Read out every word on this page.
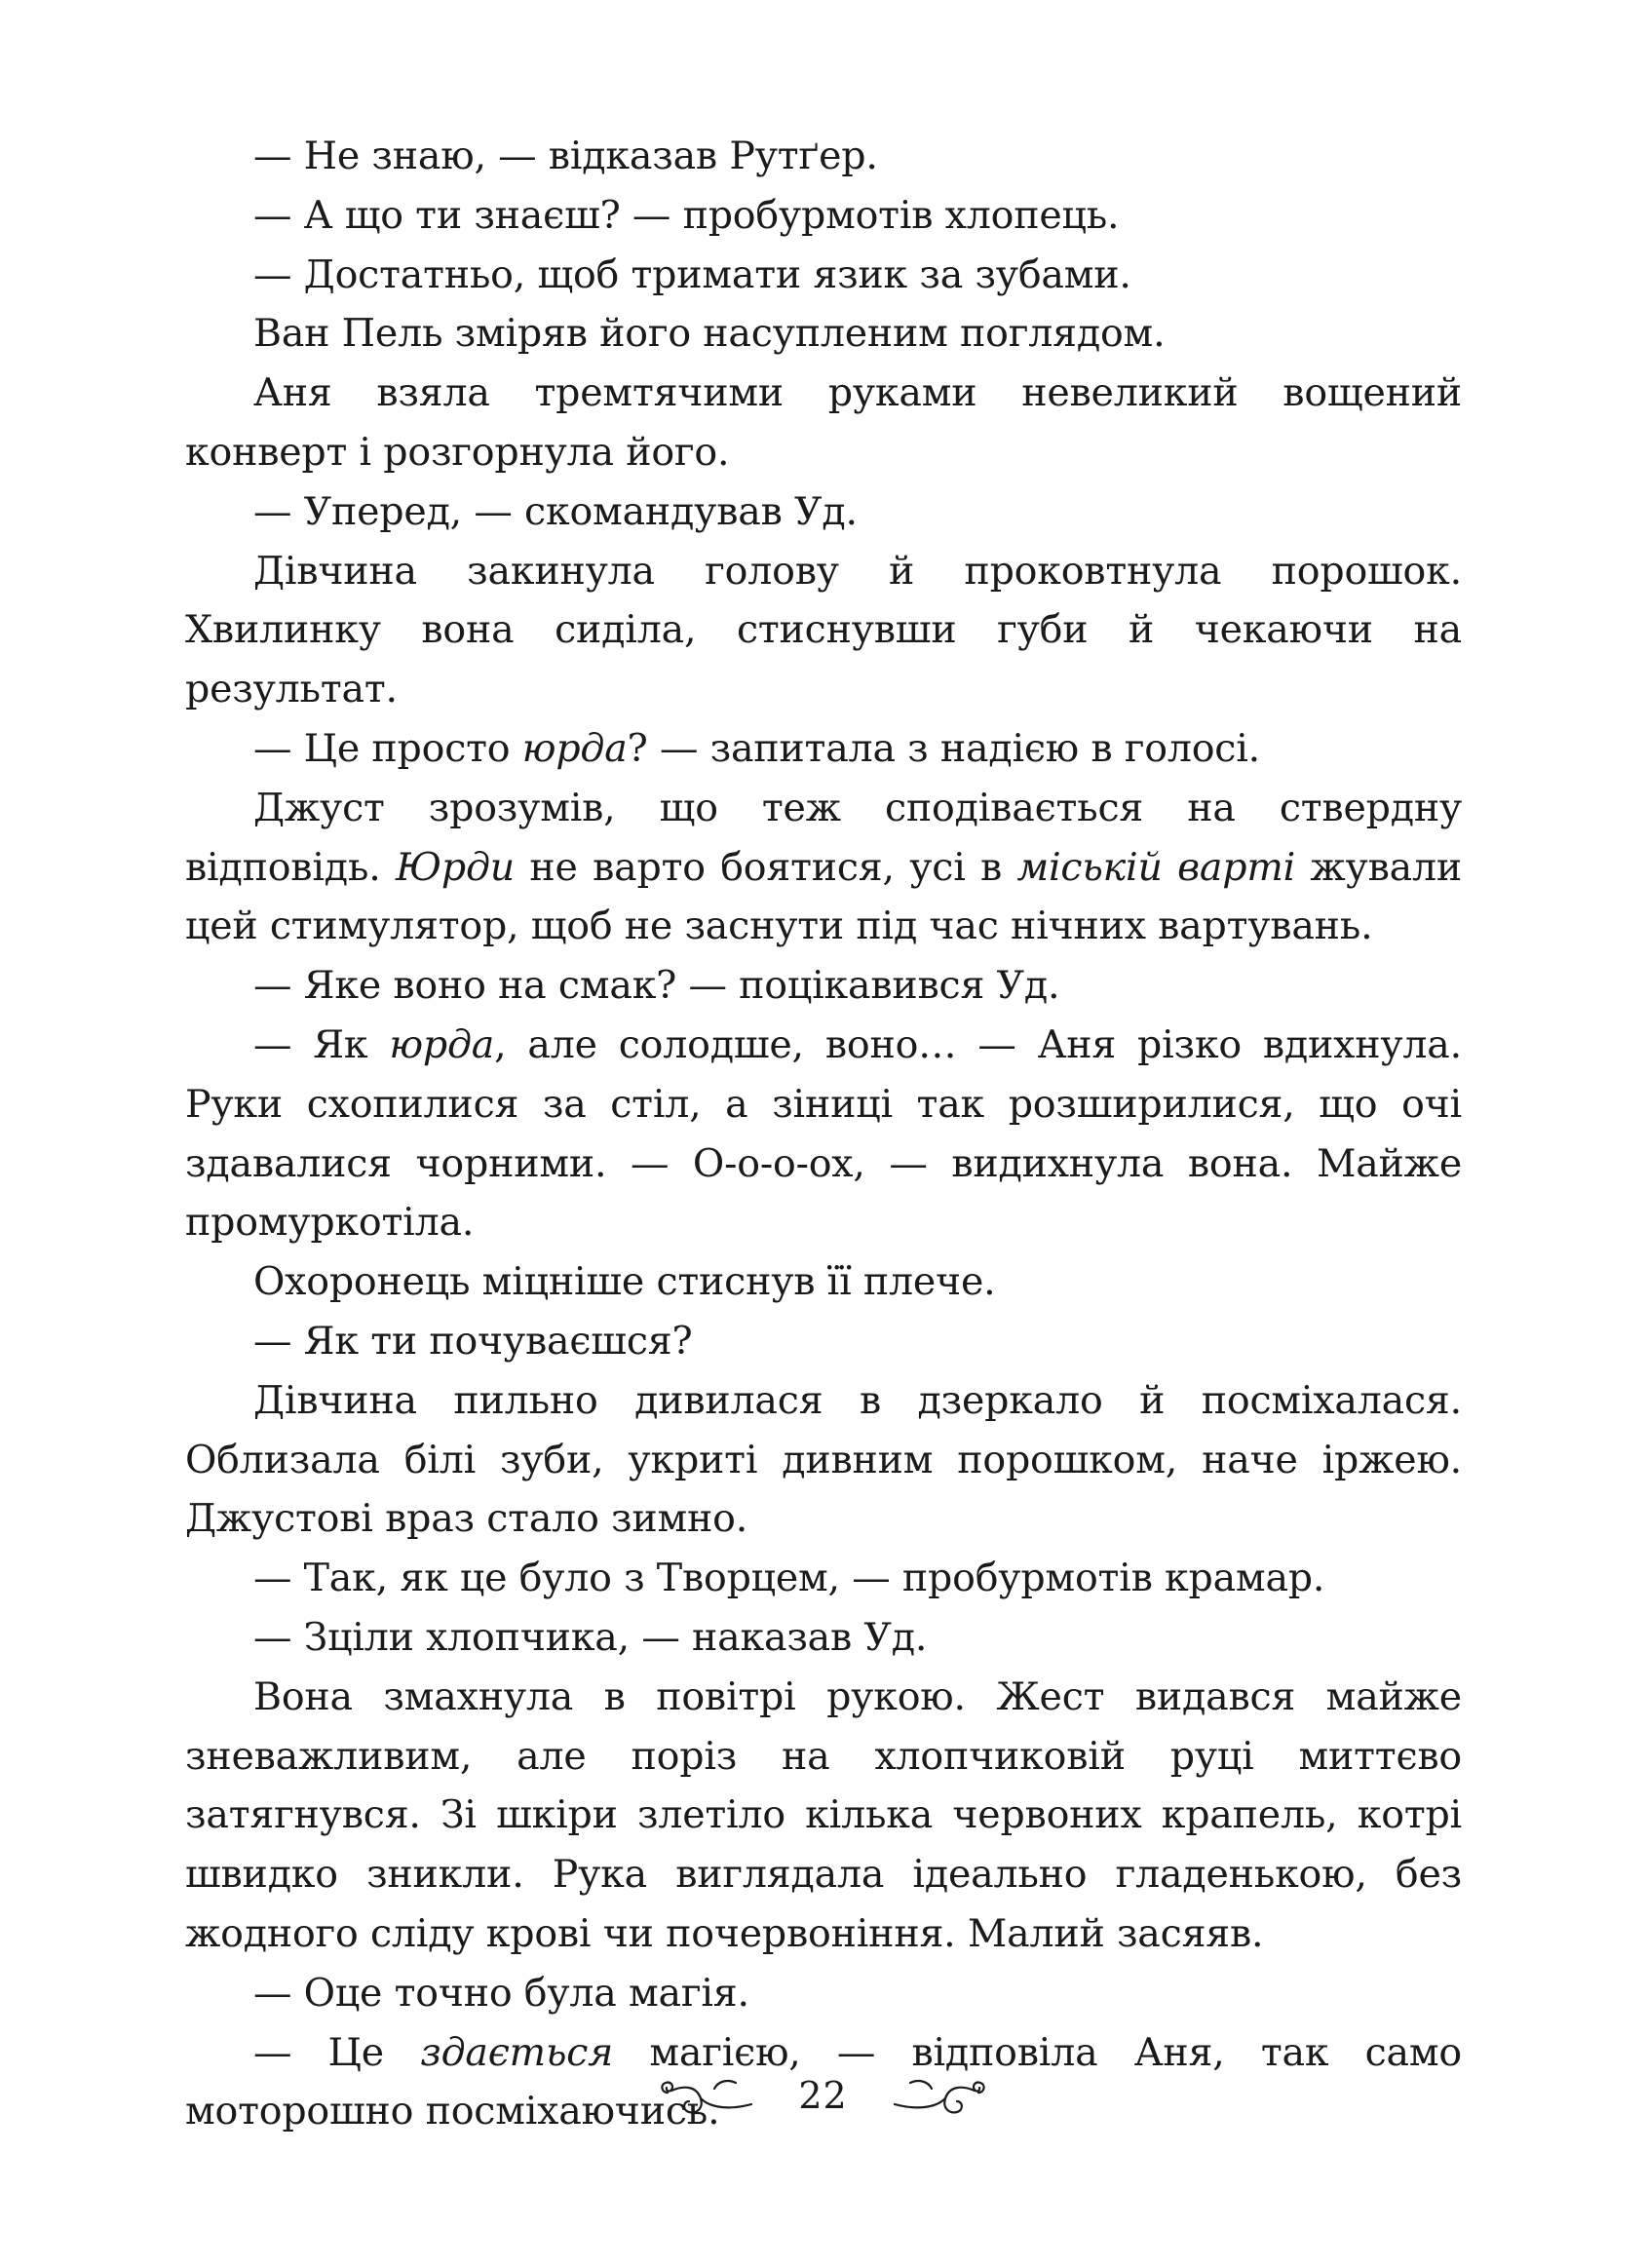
— Не знаю, — відказав Рутґер.

— А що ти знаєш? — пробурмотів хлопець.

— Достатньо, щоб тримати язик за зубами.

Ван Пель зміряв його насупленим поглядом.

Аня взяла тремтячими руками невеликий вощений конверт і розгорнула його.

— Уперед, — скомандував Уд.

Дівчина закинула голову й проковтнула порошок. Хвилинку вона сиділа, стиснувши губи й чекаючи на результат.

— Це просто юрда? — запитала з надією в голосі.

Джуст зрозумів, що теж сподівається на ствердну відповідь. Юрди не варто боятися, усі в міській варті жували цей стимулятор, щоб не заснути під час нічних вартувань.

— Яке воно на смак? — поцікавився Уд.

— Як юрда, але солодше, воно… — Аня різко вдихнула. Руки схопилися за стіл, а зіниці так розширилися, що очі здавалися чорними. — О-о-о-ох, — видихнула вона. Майже промуркотіла.

Охоронець міцніше стиснув її плече.

— Як ти почуваєшся?

Дівчина пильно дивилася в дзеркало й посміхалася. Облизала білі зуби, укриті дивним порошком, наче іржею. Джустові враз стало зимно.

— Так, як це було з Творцем, — пробурмотів крамар.

— Зціли хлопчика, — наказав Уд.

Вона змахнула в повітрі рукою. Жест видався майже зневажливим, але поріз на хлопчиковій руці миттєво затягнувся. Зі шкіри злетіло кілька червоних крапель, котрі швидко зникли. Рука виглядала ідеально гладенькою, без жодного сліду крові чи почервоніння. Малий засяяв.

— Оце точно була магія.

— Це здається магією, — відповіла Аня, так само моторошно посміхаючись.	22
